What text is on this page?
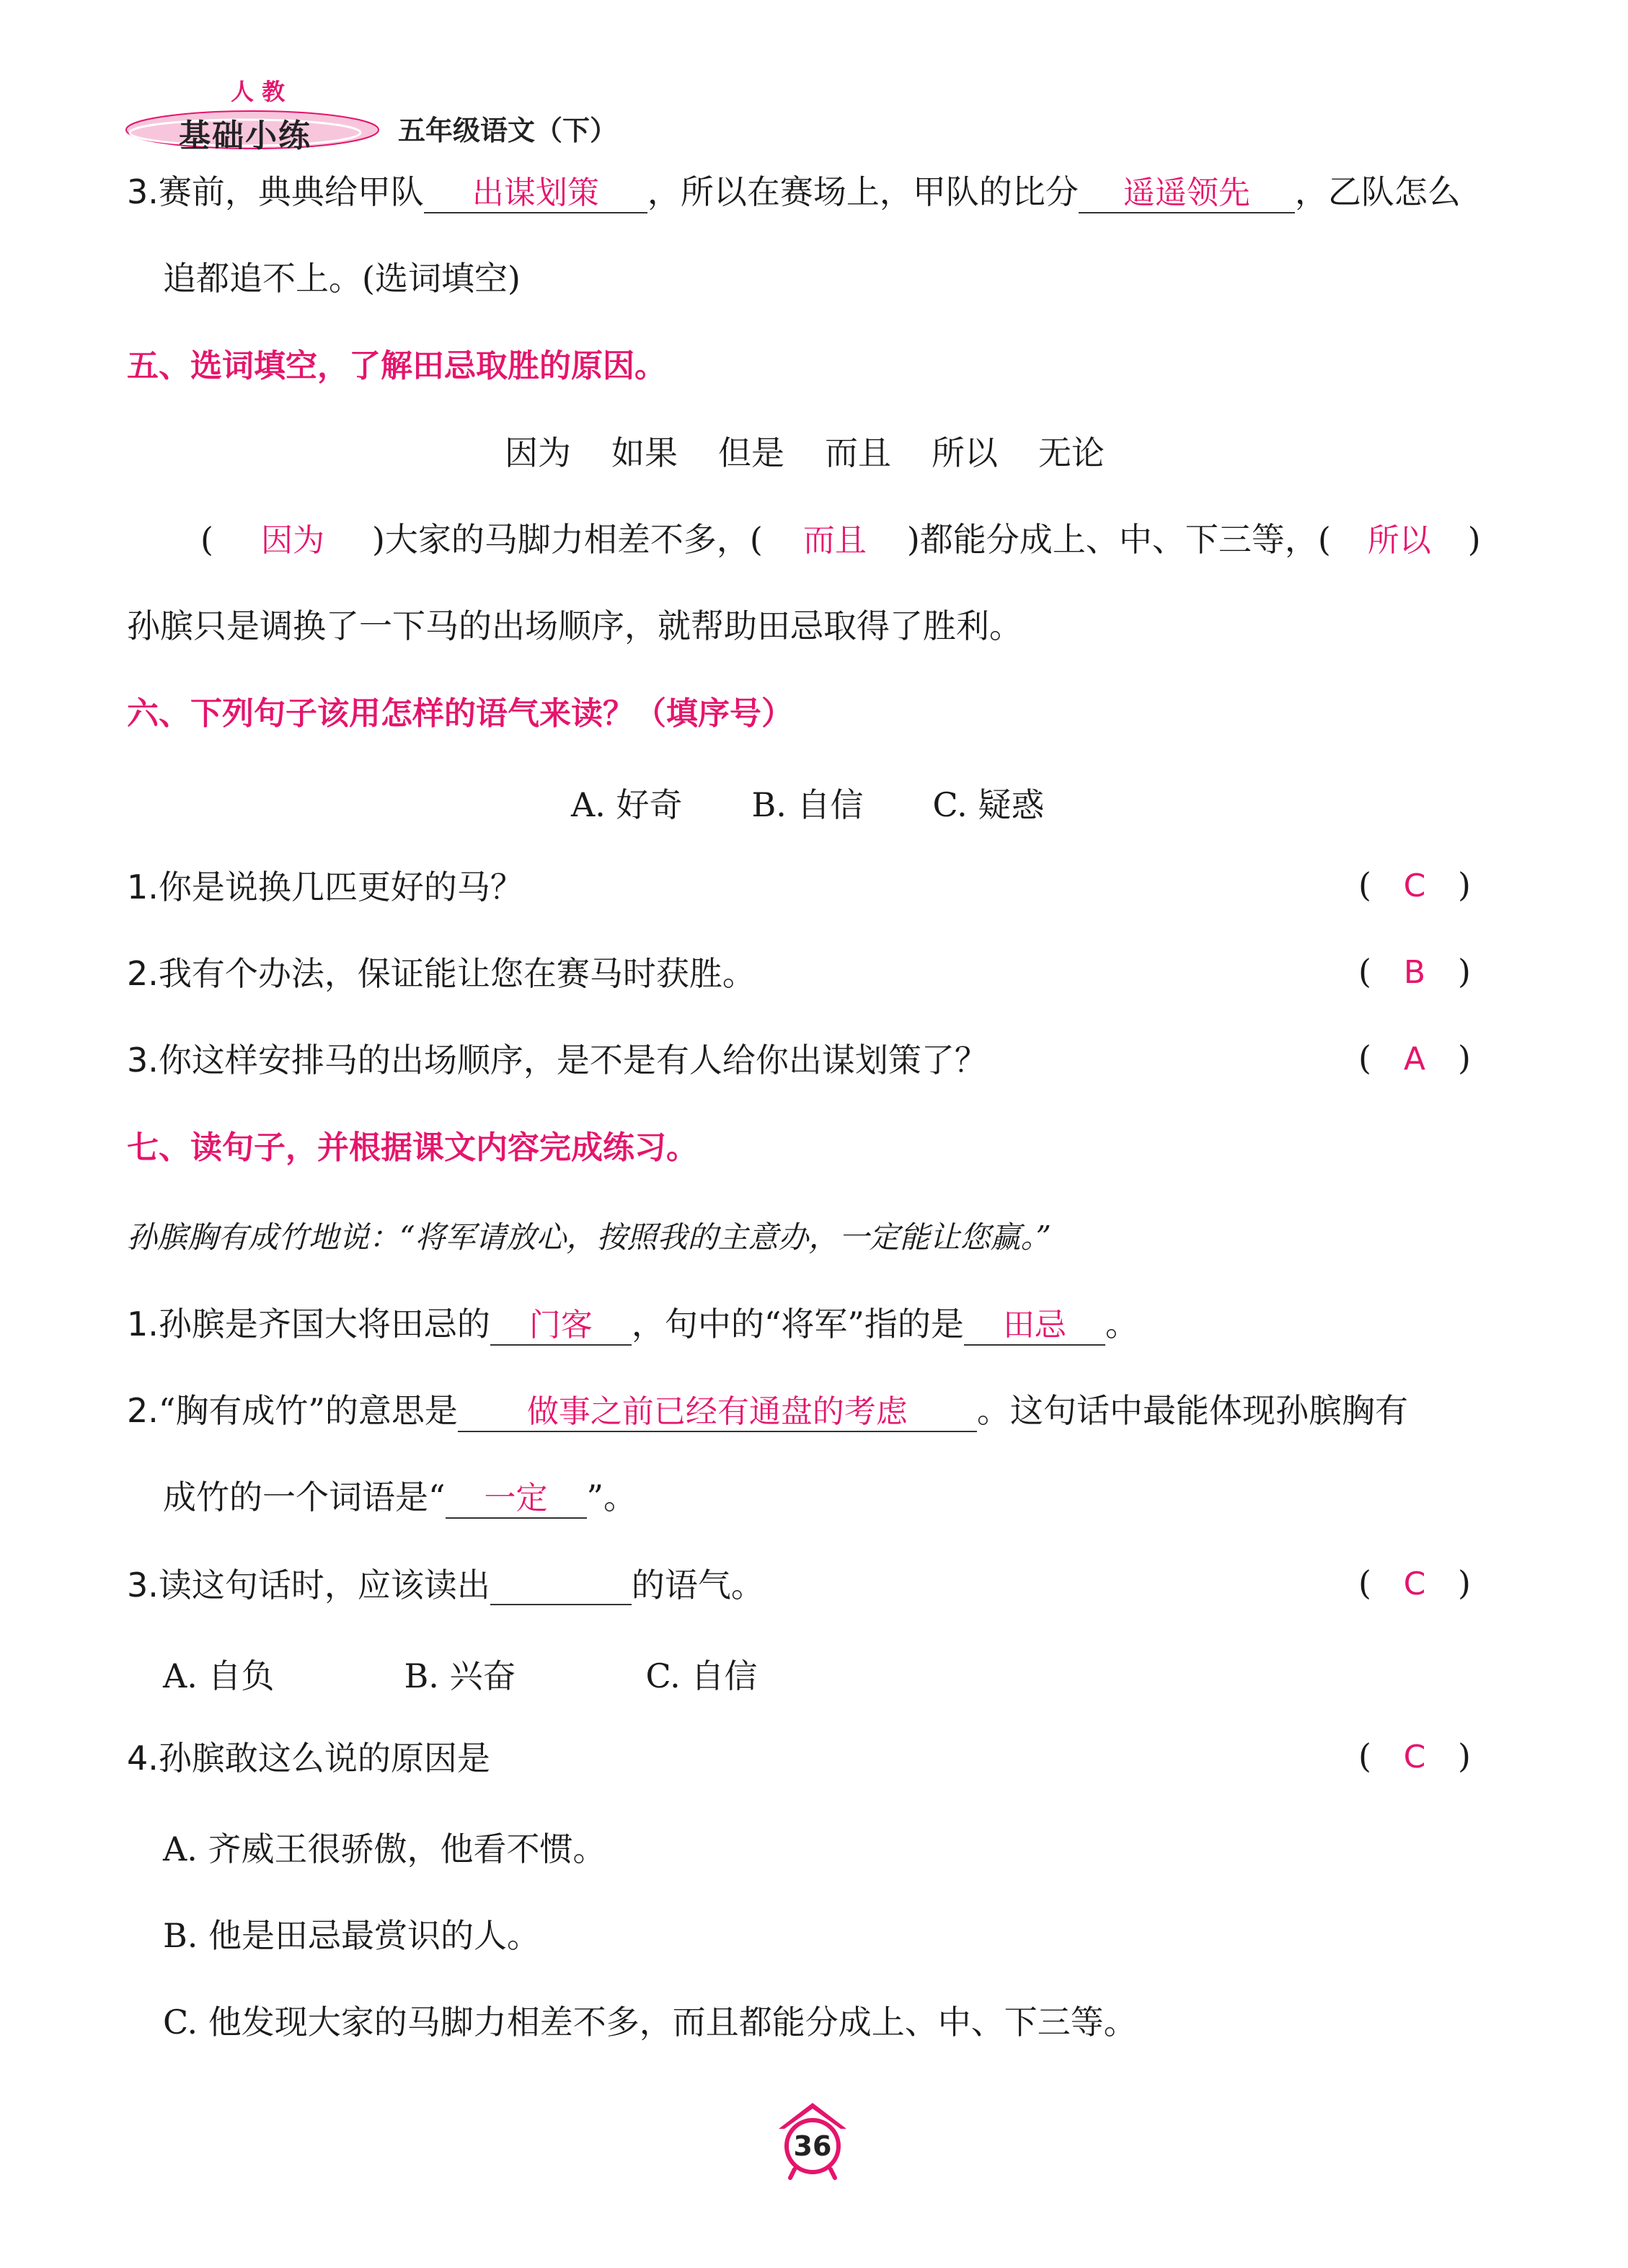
人 教
基础小练	五年级语文（下）
3.赛前，典典给甲队 出谋划策 ，所以在赛场上，甲队的比分 遥遥领先 ，乙队怎么
追都追不上。(选词填空)
五、选词填空，了解田忌取胜的原因。
因为 如果 但是 而且 所以 无论
( 因为 )大家的马脚力相差不多，( 而且 )都能分成上、中、下三等，( 所以 )
孙膑只是调换了一下马的出场顺序，就帮助田忌取得了胜利。
六、下列句子该用怎样的语气来读？（填序号）
A. 好奇 B. 自信 C. 疑惑
1.你是说换几匹更好的马？	( C )
2.我有个办法，保证能让您在赛马时获胜。	( B )
3.你这样安排马的出场顺序，是不是有人给你出谋划策了？	( A )
七、读句子，并根据课文内容完成练习。
孙膑胸有成竹地说：“将军请放心，按照我的主意办，一定能让您赢。”
1.孙膑是齐国大将田忌的 门客 ，句中的“将军”指的是 田忌 。
2.“胸有成竹”的意思是 做事之前已经有通盘的考虑 。这句话中最能体现孙膑胸有
成竹的一个词语是“ 一定 ”。
3.读这句话时，应该读出	的语气。	( C )
A. 自负	B. 兴奋	C. 自信
4.孙膑敢这么说的原因是	( C )
A. 齐威王很骄傲，他看不惯。
B. 他是田忌最赏识的人。
C. 他发现大家的马脚力相差不多，而且都能分成上、中、下三等。
36
